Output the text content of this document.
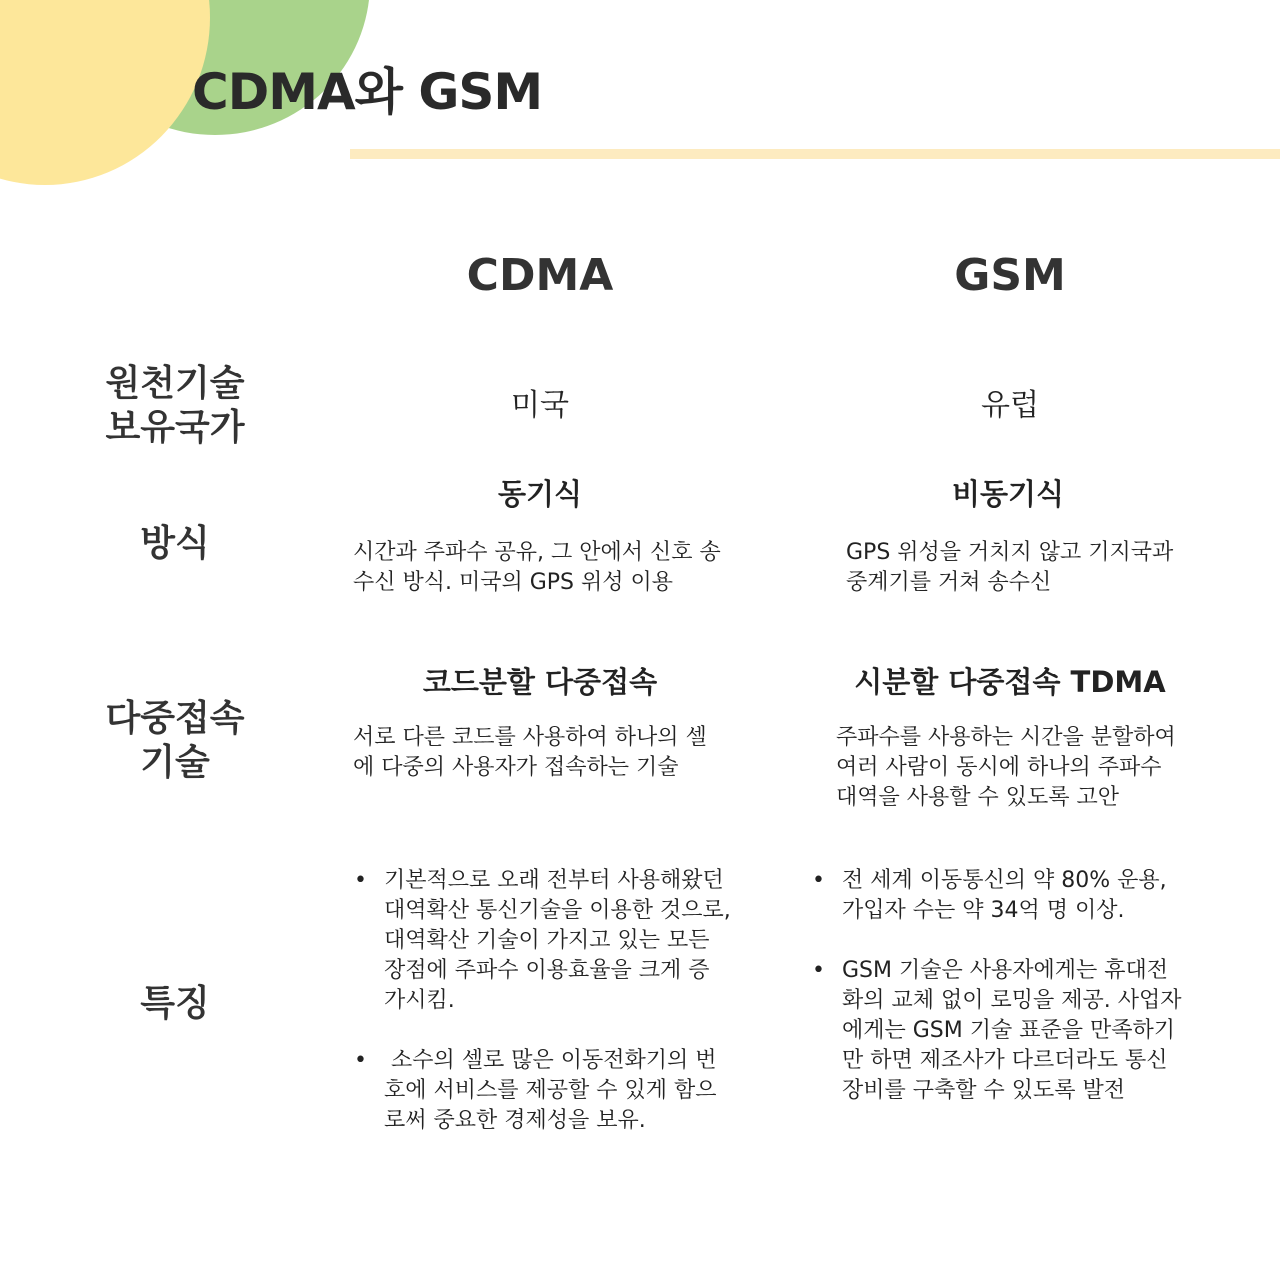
CDMA와 GSM
CDMA	GSM
원천기술
보유국가
미국	유럽
방식
동기식
시간과 주파수 공유, 그 안에서 신호 송
수신 방식. 미국의 GPS 위성 이용
비동기식
GPS 위성을 거치지 않고 기지국과
중계기를 거쳐 송수신
다중접속
기술
코드분할 다중접속
서로 다른 코드를 사용하여 하나의 셀
에 다중의 사용자가 접속하는 기술
시분할 다중접속 TDMA
주파수를 사용하는 시간을 분할하여
여러 사람이 동시에 하나의 주파수
대역을 사용할 수 있도록 고안
특징
• 기본적으로 오래 전부터 사용해왔던
대역확산 통신기술을 이용한 것으로,
대역확산 기술이 가지고 있는 모든
장점에 주파수 이용효율을 크게 증
가시킴.
• 소수의 셀로 많은 이동전화기의 번
호에 서비스를 제공할 수 있게 함으
로써 중요한 경제성을 보유.
• 전 세계 이동통신의 약 80% 운용,
가입자 수는 약 34억 명 이상.
• GSM 기술은 사용자에게는 휴대전
화의 교체 없이 로밍을 제공. 사업자
에게는 GSM 기술 표준을 만족하기
만 하면 제조사가 다르더라도 통신
장비를 구축할 수 있도록 발전
